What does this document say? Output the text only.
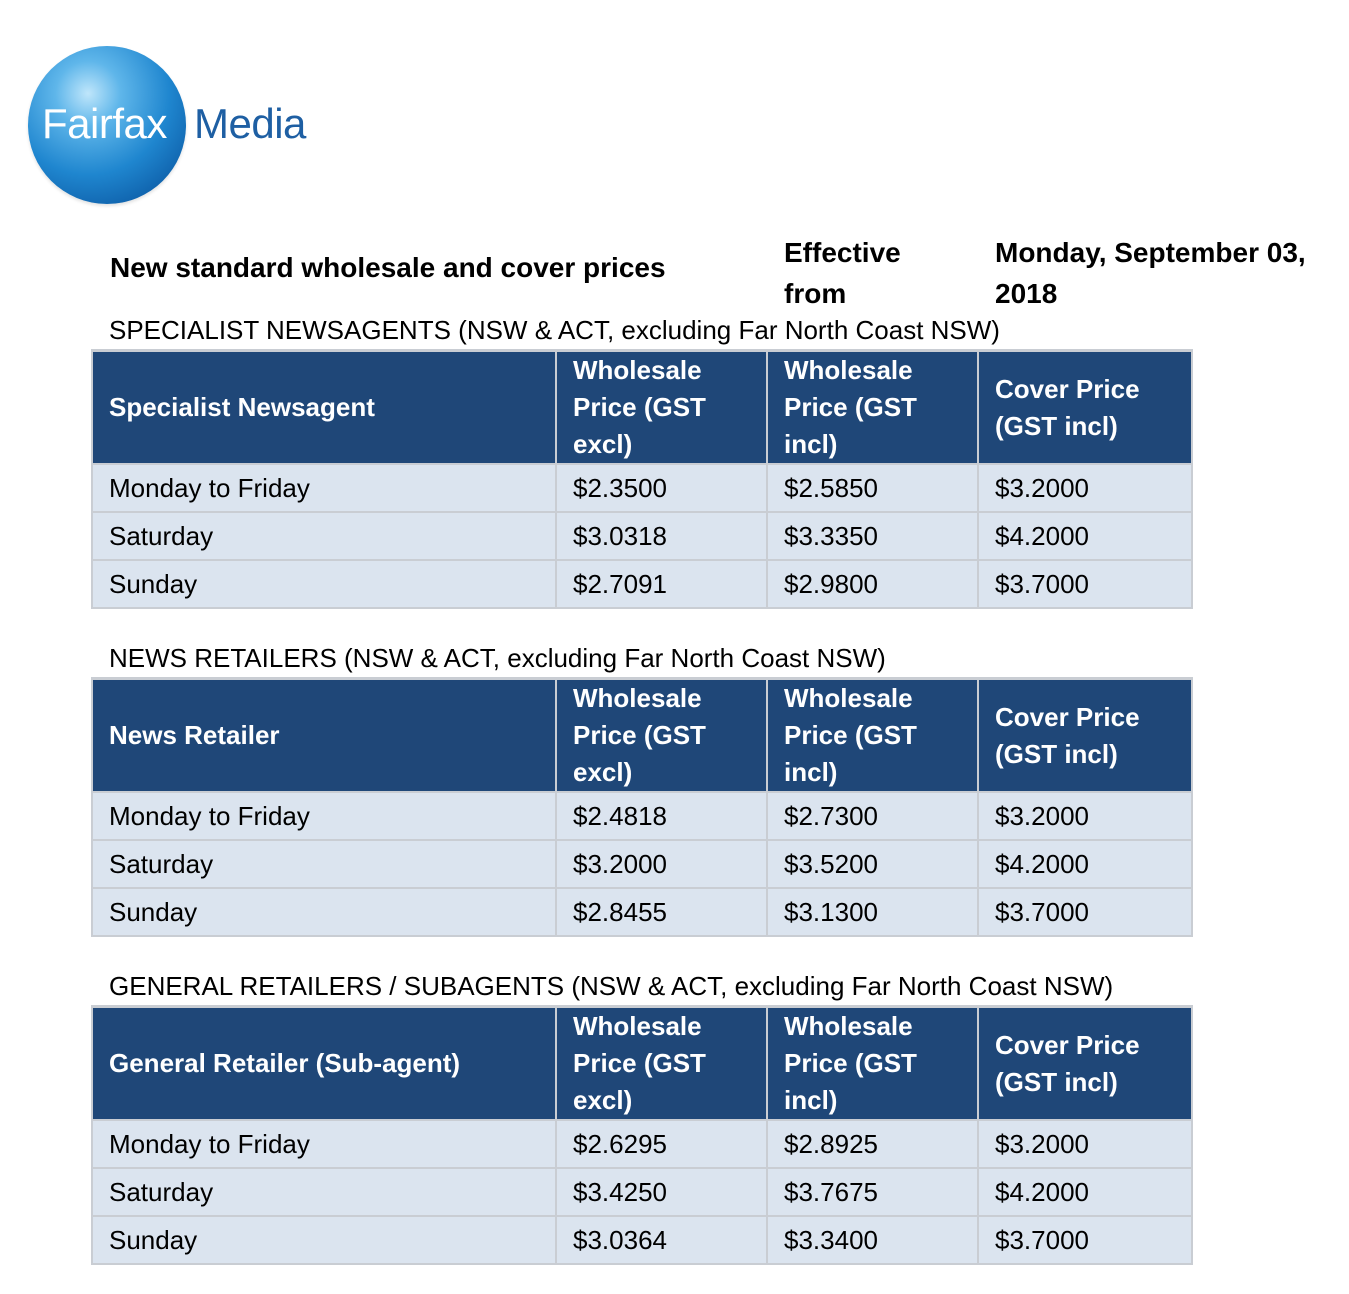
Fairfax Media
New standard wholesale and cover prices	Effective from
Monday, September 03, 2018
SPECIALIST NEWSAGENTS (NSW & ACT, excluding Far North Coast NSW)
Specialist Newsagent	Wholesale Price (GST excl)	Wholesale Price (GST incl)	Cover Price (GST incl)
Monday to Friday	$2.3500	$2.5850	$3.2000
Saturday	$3.0318	$3.3350	$4.2000
Sunday	$2.7091	$2.9800	$3.7000
NEWS RETAILERS (NSW & ACT, excluding Far North Coast NSW)
News Retailer	Wholesale Price (GST excl)	Wholesale Price (GST incl)	Cover Price (GST incl)
Monday to Friday	$2.4818	$2.7300	$3.2000
Saturday	$3.2000	$3.5200	$4.2000
Sunday	$2.8455	$3.1300	$3.7000
GENERAL RETAILERS / SUBAGENTS (NSW & ACT, excluding Far North Coast NSW)
General Retailer (Sub-agent)	Wholesale Price (GST excl)	Wholesale Price (GST incl)	Cover Price (GST incl)
Monday to Friday	$2.6295	$2.8925	$3.2000
Saturday	$3.4250	$3.7675	$4.2000
Sunday	$3.0364	$3.3400	$3.7000
